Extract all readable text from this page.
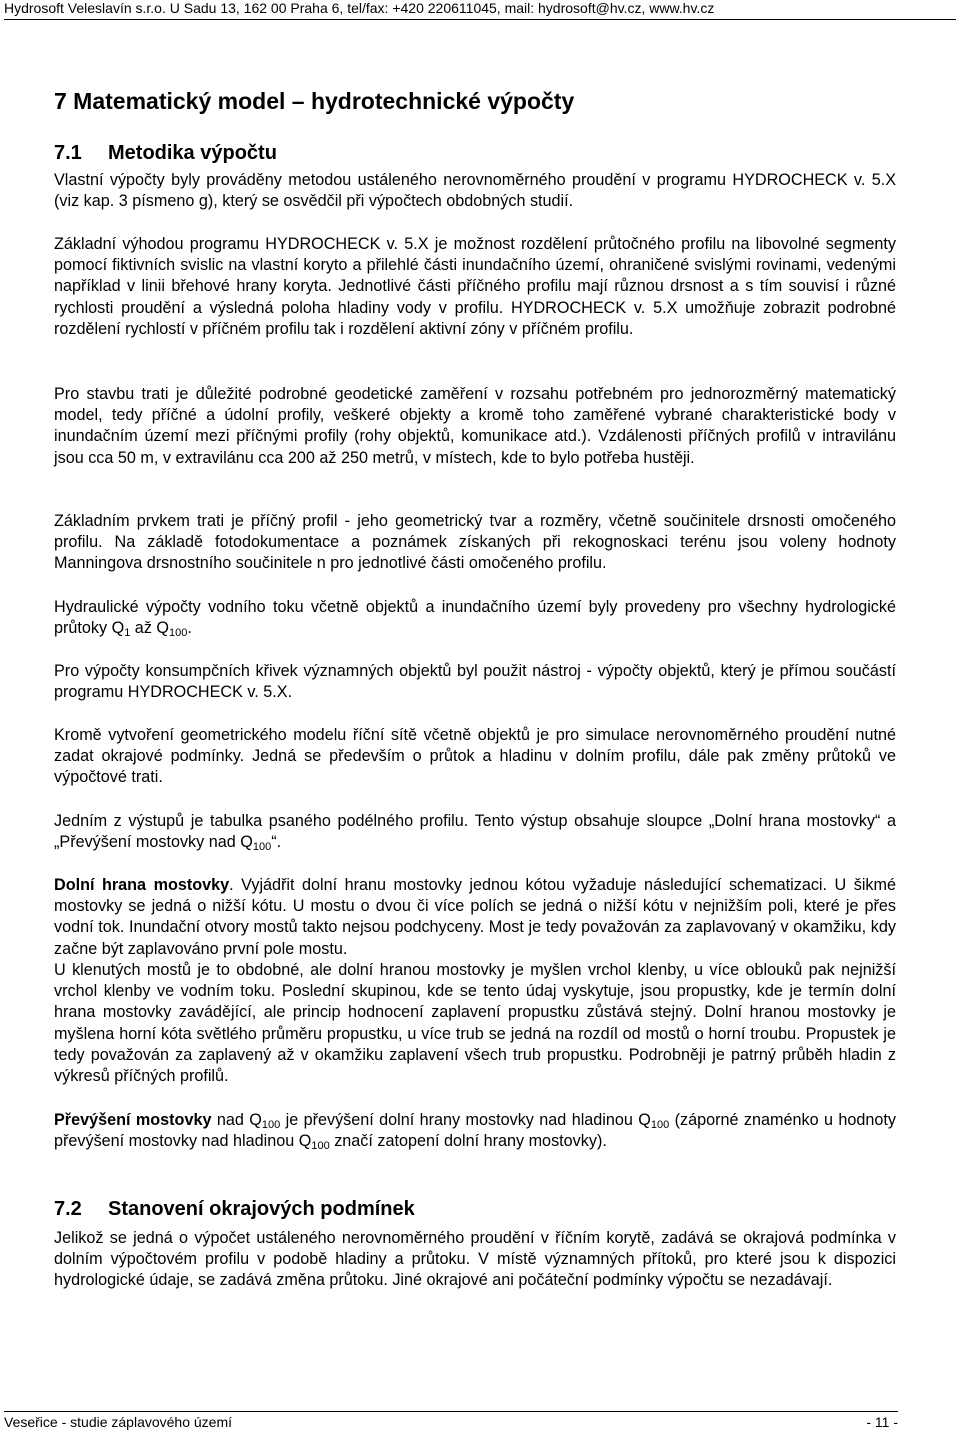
Hydrosoft Veleslavín s.r.o. U Sadu 13, 162 00 Praha 6, tel/fax: +420 220611045, mail: hydrosoft@hv.cz, www.hv.cz
7 Matematický model – hydrotechnické výpočty
7.1 Metodika výpočtu
Vlastní výpočty byly prováděny metodou ustáleného nerovnoměrného proudění v programu HYDROCHECK v. 5.X (viz kap. 3 písmeno g), který se osvědčil při výpočtech obdobných studií.
Základní výhodou programu HYDROCHECK v. 5.X je možnost rozdělení průtočného profilu na libovolné segmenty pomocí fiktivních svislic na vlastní koryto a přilehlé části inundačního území, ohraničené svislými rovinami, vedenými například v linii břehové hrany koryta. Jednotlivé části příčného profilu mají různou drsnost a s tím souvisí i různé rychlosti proudění a výsledná poloha hladiny vody v profilu. HYDROCHECK v. 5.X umožňuje zobrazit podrobné rozdělení rychlostí v příčném profilu tak i rozdělení aktivní zóny v příčném profilu.
Pro stavbu trati je důležité podrobné geodetické zaměření v rozsahu potřebném pro jednorozměrný matematický model, tedy příčné a údolní profily, veškeré objekty a kromě toho zaměřené vybrané charakteristické body v inundačním území mezi příčnými profily (rohy objektů, komunikace atd.). Vzdálenosti příčných profilů v intravilánu jsou cca 50 m, v extravilánu cca 200 až 250 metrů, v místech, kde to bylo potřeba hustěji.
Základním prvkem trati je příčný profil - jeho geometrický tvar a rozměry, včetně součinitele drsnosti omočeného profilu. Na základě fotodokumentace a poznámek získaných při rekognoskaci terénu jsou voleny hodnoty Manningova drsnostního součinitele n pro jednotlivé části omočeného profilu.
Hydraulické výpočty vodního toku včetně objektů a inundačního území byly provedeny pro všechny hydrologické průtoky $Q_1$ až $Q_{100}$.
Pro výpočty konsumpčních křivek významných objektů byl použit nástroj - výpočty objektů, který je přímou součástí programu HYDROCHECK v. 5.X.
Kromě vytvoření geometrického modelu říční sítě včetně objektů je pro simulace nerovnoměrného proudění nutné zadat okrajové podmínky. Jedná se především o průtok a hladinu v dolním profilu, dále pak změny průtoků ve výpočtové trati.
Jedním z výstupů je tabulka psaného podélného profilu. Tento výstup obsahuje sloupce „Dolní hrana mostovky“ a „Převýšení mostovky nad $Q_{100}“$.
Dolní hrana mostovky. Vyjádřit dolní hranu mostovky jednou kótou vyžaduje následující schematizaci. U šikmé mostovky se jedná o nižší kótu. U mostu o dvou či více polích se jedná o nižší kótu v nejnižším poli, které je přes vodní tok. Inundační otvory mostů takto nejsou podchyceny. Most je tedy považován za zaplavovaný v okamžiku, kdy začne být zaplavováno první pole mostu.
U klenutých mostů je to obdobné, ale dolní hranou mostovky je myšlen vrchol klenby, u více oblouků pak nejnižší vrchol klenby ve vodním toku. Poslední skupinou, kde se tento údaj vyskytuje, jsou propustky, kde je termín dolní hrana mostovky zavádějící, ale princip hodnocení zaplavení propustku zůstává stejný. Dolní hranou mostovky je myšlena horní kóta světlého průměru propustku, u více trub se jedná na rozdíl od mostů o horní troubu. Propustek je tedy považován za zaplavený až v okamžiku zaplavení všech trub propustku. Podrobněji je patrný průběh hladin z výkresů příčných profilů.
Převýšení mostovky nad $Q_{100}$ je převýšení dolní hrany mostovky nad hladinou $Q_{100}$ (záporné znaménko u hodnoty převýšení mostovky nad hladinou $Q_{100}$ značí zatopení dolní hrany mostovky).
7.2 Stanovení okrajových podmínek
Jelikož se jedná o výpočet ustáleného nerovnoměrného proudění v říčním korytě, zadává se okrajová podmínka v dolním výpočtovém profilu v podobě hladiny a průtoku. V místě významných přítoků, pro které jsou k dispozici hydrologické údaje, se zadává změna průtoku. Jiné okrajové ani počáteční podmínky výpočtu se nezadávají.
Veseřice - studie záplavového území	- 11 -
